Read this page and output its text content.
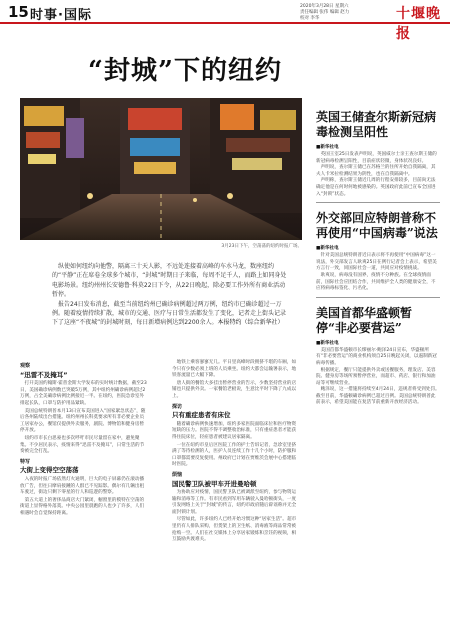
15 时事·国际
2020年3月28日 星期六
责任编辑 张伟 编辑 赵力
校对 李华	十堰晚报
“封城”下的纽约
3月23日下午，空荡荡的纽约时报广场。

纵使如何纽约向他警，隔离三十天人影，不远处连接着高峰的车水马龙，数座纽约的“平静”正在席卷全球多个城市，“封城”时期日子来临，每周不足千人，而路上如同身处电影场景。纽约州州长安德鲁·科莫22日下令，从22日晚起，除必要工作外所有商业活动暂停。

报告24日发布消息，截至当前纽约州已确诊病例超过两万例，纽约市已确诊超过一万例。随着疫情持续扩散，城市的交通、医疗与日常生活都发生了变化，记者走上街头记录下了这座“不夜城”的封城时刻，每日新增病例达到2200余人。本报特约（综合新华社）

观察
“迅雷不及掩耳”

打开美国约翰斯·霍普金斯大学发布的实时统计数据，截至23日，美国确诊病例数已突破5万例，其中纽约州确诊病例超过2万例，占全美确诊病例比例接近一半。在纽约，医院急诊室外排起长队，口罩与防护用品紧缺。

美国总统特朗普本月13日宣布美国进入“国家紧急状态”，随后各州陆续出台措施。纽约州州长科莫要求所有非必要企业员工居家办公，餐馆仅提供外卖服务，剧院、博物馆和健身房暂停开放。

纽约市市长白思豪也多次呼吁市民尽量留在家中，避免聚集。不少居民表示，疫情来得“迅雷不及掩耳”，日常生活的节奏被完全打乱。

特写
大街上变得空空荡荡

入夜的时报广场依然灯火通明，巨大的电子屏幕仍在滚动播放广告，但往日摩肩接踵的人群已不见踪影。偶尔有几辆出租车驶过，街边只剩下零星的行人和巡逻的警察。

第五大道上的奢侈品商店大门紧闭，橱窗里的模特在空荡的街道上显得格外落寞。中央公园里晨跑的人也少了许多，人们相遇时会自觉保持距离。

地铁上乘客寥寥无几。平日里高峰时段拥挤不堪的车厢，如今只有少数必须上班的人员乘坐。纽约大都会运输署表示，地铁客流量已大幅下降。

唐人街的餐馆大多挂出暂停营业的告示，少数坚持营业的店铺也只提供外卖。一家餐馆老板说，生意比平时下降了九成以上。

探访
只有重症患者有床位

随着确诊病例快速增加，纽约多家医院面临床位和医疗物资短缺的压力。医院不得不调整收治标准，只有重症患者才能获得住院床位，轻症患者被建议居家隔离。

一位在纽约市皇后区医院工作的护士告诉记者，急诊室里挤满了等待检测的人，医护人员连续工作十几个小时，防护服和口罩都需要反复使用。州政府已计划在贾维茨会展中心搭建临时医院。

烦恼
国民警卫队被甲车开进曼哈顿

为协助应对疫情，国民警卫队已被调派至纽约，参与物资运输和消毒等工作。有市民看到军用车辆驶入曼哈顿街头，一度引发网络上关于“封城”的传言，纽约市政府随后辟谣称并无全面封锁计划。

尽管如此，许多纽约人已经开始习惯这种“居家生活”。超市里仍有人排队采购，但货架上的卫生纸、消毒液等商品常常被抢购一空。人们在社交媒体上分享居家锻炼和烹饪的视频，相互鼓励共渡难关。

英国王储查尔斯新冠病毒检测呈阳性
■新华社电

英国王室25日发表声明说，英国威尔士亲王查尔斯王储的新冠病毒检测呈阳性，目前症状轻微，身体状况良好。

声明说，查尔斯王储已在苏格兰的住所开始自我隔离，其夫人卡米拉检测结果为阴性，也在自我隔离中。

声明称，查尔斯王储近几周的行程安排较多，目前尚无法确定他是在何时何地被感染的。英国政府此前已宣布全国进入“封锁”状态。

外交部回应特朗普称不再使用“中国病毒”说法
■新华社电

针对美国总统特朗普近日表示将不再使用“中国病毒”这一说法，外交部发言人耿爽25日在例行记者会上表示，希望美方言行一致，同国际社会一道，共同应对疫情挑战。

耿爽说，病毒没有国界，疫情不分种族。在全球疫情面前，国际社会应团结合作，共同维护全人类的健康安全，不应将病毒标签化、污名化。

美国首都华盛顿暂停“非必要营运”
■新华社电

美国首都华盛顿市长缪丽尔·鲍泽24日宣布，华盛顿所有“非必要营运”的商业机构须自25日晚起关闭，以遏制新冠病毒传播。

根据规定，餐厅只能提供外卖或送餐服务，理发店、美容院、健身房等场所须暂停营业，而超市、药店、银行和加油站等可继续营业。

鲍泽说，这一措施将持续至4月24日，违规者将受到处罚。截至目前，华盛顿确诊病例已超过百例。美国总统特朗普此前表示，希望美国能在复活节前重新开放经济活动。
